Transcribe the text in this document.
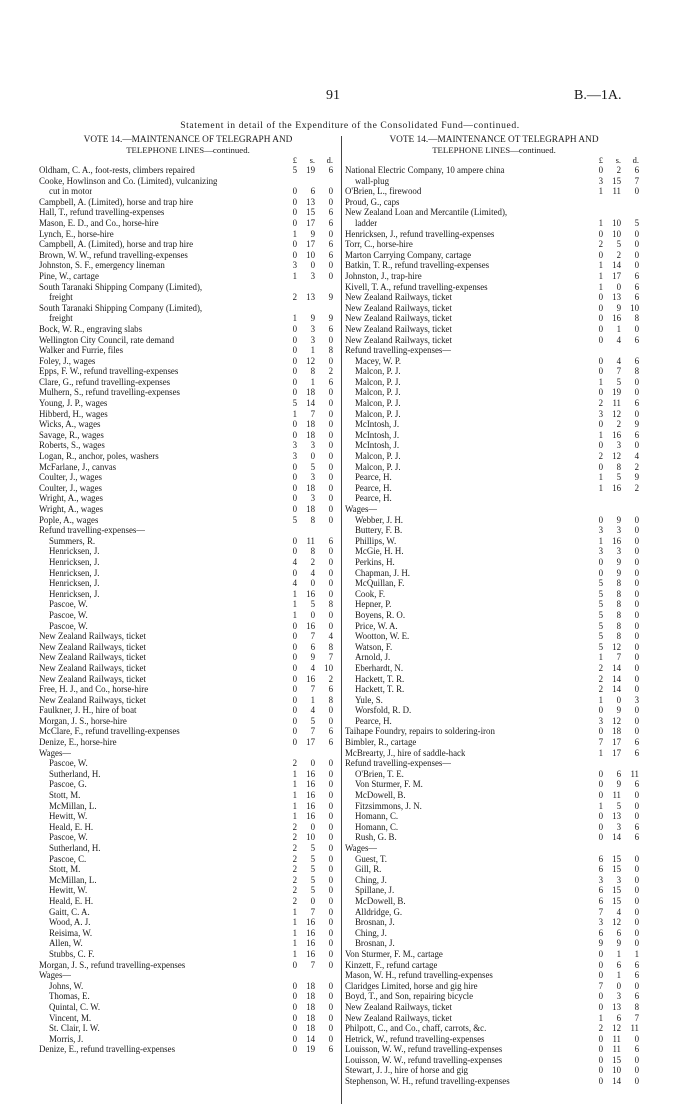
91	B.—1A.
Statement in detail of the Expenditure of the Consolidated Fund—continued.
VOTE 14.—MAINTENANCE OF TELEGRAPH AND
TELEPHONE LINES—continued.
£	s.	d.
Oldham, C. A., foot-rests, climbers repaired	5	19	6
Cooke, Howlinson and Co. (Limited), vulcanizing
cut in motor	0	6	0
Campbell, A. (Limited), horse and trap hire	0	13	0
Hall, T., refund travelling-expenses	0	15	6
Mason, E. D., and Co., horse-hire	0	17	6
Lynch, E., horse-hire	1	9	0
Campbell, A. (Limited), horse and trap hire	0	17	6
Brown, W. W., refund travelling-expenses	0	10	6
Johnston, S. F., emergency lineman	3	0	0
Pine, W., cartage	1	3	0
South Taranaki Shipping Company (Limited),
freight	2	13	9
South Taranaki Shipping Company (Limited),
freight	1	9	9
Bock, W. R., engraving slabs	0	3	6
Wellington City Council, rate demand	0	3	0
Walker and Furrie, files	0	1	8
Foley, J., wages	0	12	0
Epps, F. W., refund travelling-expenses	0	8	2
Clare, G., refund travelling-expenses	0	1	6
Mulhern, S., refund travelling-expenses	0	18	0
Young, J. P., wages	5	14	0
Hibberd, H., wages	1	7	0
Wicks, A., wages	0	18	0
Savage, R., wages	0	18	0
Roberts, S., wages	3	3	0
Logan, R., anchor, poles, washers	3	0	0
McFarlane, J., canvas	0	5	0
Coulter, J., wages	0	3	0
Coulter, J., wages	0	18	0
Wright, A., wages	0	3	0
Wright, A., wages	0	18	0
Pople, A., wages	5	8	0
Refund travelling-expenses—
Summers, R.	0	11	6
Henricksen, J.	0	8	0
Henricksen, J.	4	2	0
Henricksen, J.	0	4	0
Henricksen, J.	4	0	0
Henricksen, J.	1	16	0
Pascoe, W.	1	5	8
Pascoe, W.	1	0	0
Pascoe, W.	0	16	0
New Zealand Railways, ticket	0	7	4
New Zealand Railways, ticket	0	6	8
New Zealand Railways, ticket	0	9	7
New Zealand Railways, ticket	0	4	10
New Zealand Railways, ticket	0	16	2
Free, H. J., and Co., horse-hire	0	7	6
New Zealand Railways, ticket	0	1	8
Faulkner, J. H., hire of boat	0	4	0
Morgan, J. S., horse-hire	0	5	0
McClare, F., refund travelling-expenses	0	7	6
Denize, E., horse-hire	0	17	6
Wages—
Pascoe, W.	2	0	0
Sutherland, H.	1	16	0
Pascoe, G.	1	16	0
Stott, M.	1	16	0
McMillan, L.	1	16	0
Hewitt, W.	1	16	0
Heald, E. H.	2	0	0
Pascoe, W.	2	10	0
Sutherland, H.	2	5	0
Pascoe, C.	2	5	0
Stott, M.	2	5	0
McMillan, L.	2	5	0
Hewitt, W.	2	5	0
Heald, E. H.	2	0	0
Gaitt, C. A.	1	7	0
Wood, A. J.	1	16	0
Reisima, W.	1	16	0
Allen, W.	1	16	0
Stubbs, C. F.	1	16	0
Morgan, J. S., refund travelling-expenses	0	7	0
Wages—
Johns, W.	0	18	0
Thomas, E.	0	18	0
Quintal, C. W.	0	18	0
Vincent, M.	0	18	0
St. Clair, I. W.	0	18	0
Morris, J.	0	14	0
Denize, E., refund travelling-expenses	0	19	6
VOTE 14.—MAINTENANCE OT TELEGRAPH AND
TELEPHONE LINES—continued.
£	s.	d.
National Electric Company, 10 ampere china	0	2	6
wall-plug	3	15	7
O'Brien, L., firewood	1	11	0
Proud, G., caps
New Zealand Loan and Mercantile (Limited),
ladder	1	10	5
Henricksen, J., refund travelling-expenses	0	10	0
Torr, C., horse-hire	2	5	0
Marton Carrying Company, cartage	0	2	0
Batkin, T. R., refund travelling-expenses	1	14	0
Johnston, J., trap-hire	1	17	6
Kivell, T. A., refund travelling-expenses	1	0	6
New Zealand Railways, ticket	0	13	6
New Zealand Railways, ticket	0	9	10
New Zealand Railways, ticket	0	16	8
New Zealand Railways, ticket	0	1	0
New Zealand Railways, ticket	0	4	6
Refund travelling-expenses—
Macey, W. P.	0	4	6
Malcon, P. J.	0	7	8
Malcon, P. J.	1	5	0
Malcon, P. J.	0	19	0
Malcon, P. J.	2	11	6
Malcon, P. J.	3	12	0
McIntosh, J.	0	2	9
McIntosh, J.	1	16	6
McIntosh, J.	0	3	0
Malcon, P. J.	2	12	4
Malcon, P. J.	0	8	2
Pearce, H.	1	5	9
Pearce, H.	1	16	2
Pearce, H.
Wages—
Webber, J. H.	0	9	0
Buttery, F. B.	3	3	0
Phillips, W.	1	16	0
McGie, H. H.	3	3	0
Perkins, H.	0	9	0
Chapman, J. H.	0	9	0
McQuillan, F.	5	8	0
Cook, F.	5	8	0
Hepner, P.	5	8	0
Boyens, R. O.	5	8	0
Price, W. A.	5	8	0
Wootton, W. E.	5	8	0
Watson, F.	5	12	0
Arnold, J.	1	7	0
Eberhardt, N.	2	14	0
Hackett, T. R.	2	14	0
Hackett, T. R.	2	14	0
Yule, S.	1	0	3
Worsfold, R. D.	0	9	0
Pearce, H.	3	12	0
Taihape Foundry, repairs to soldering-iron	0	18	0
Bimbler, R., cartage	7	17	6
McBrearty, J., hire of saddle-hack	1	17	6
Refund travelling-expenses—
O'Brien, T. E.	0	6	11
Von Sturmer, F. M.	0	9	6
McDowell, B.	0	11	0
Fitzsimmons, J. N.	1	5	0
Homann, C.	0	13	0
Homann, C.	0	3	6
Rush, G. B.	0	14	6
Wages—
Guest, T.	6	15	0
Gill, R.	6	15	0
Ching, J.	3	3	0
Spillane, J.	6	15	0
McDowell, B.	6	15	0
Alldridge, G.	7	4	0
Brosnan, J.	3	12	0
Ching, J.	6	6	0
Brosnan, J.	9	9	0
Von Sturmer, F. M., cartage	0	1	1
Kinzett, F., refund cartage	0	6	6
Mason, W. H., refund travelling-expenses	0	1	6
Claridges Limited, horse and gig hire	7	0	0
Boyd, T., and Son, repairing bicycle	0	3	6
New Zealand Railways, ticket	0	13	8
New Zealand Railways, ticket	1	6	7
Philpott, C., and Co., chaff, carrots, &c.	2	12	11
Hetrick, W., refund travelling-expenses	0	11	0
Louisson, W. W., refund travelling-expenses	0	11	6
Louisson, W. W., refund travelling-expenses	0	15	0
Stewart, J. J., hire of horse and gig	0	10	0
Stephenson, W. H., refund travelling-expenses	0	14	0
